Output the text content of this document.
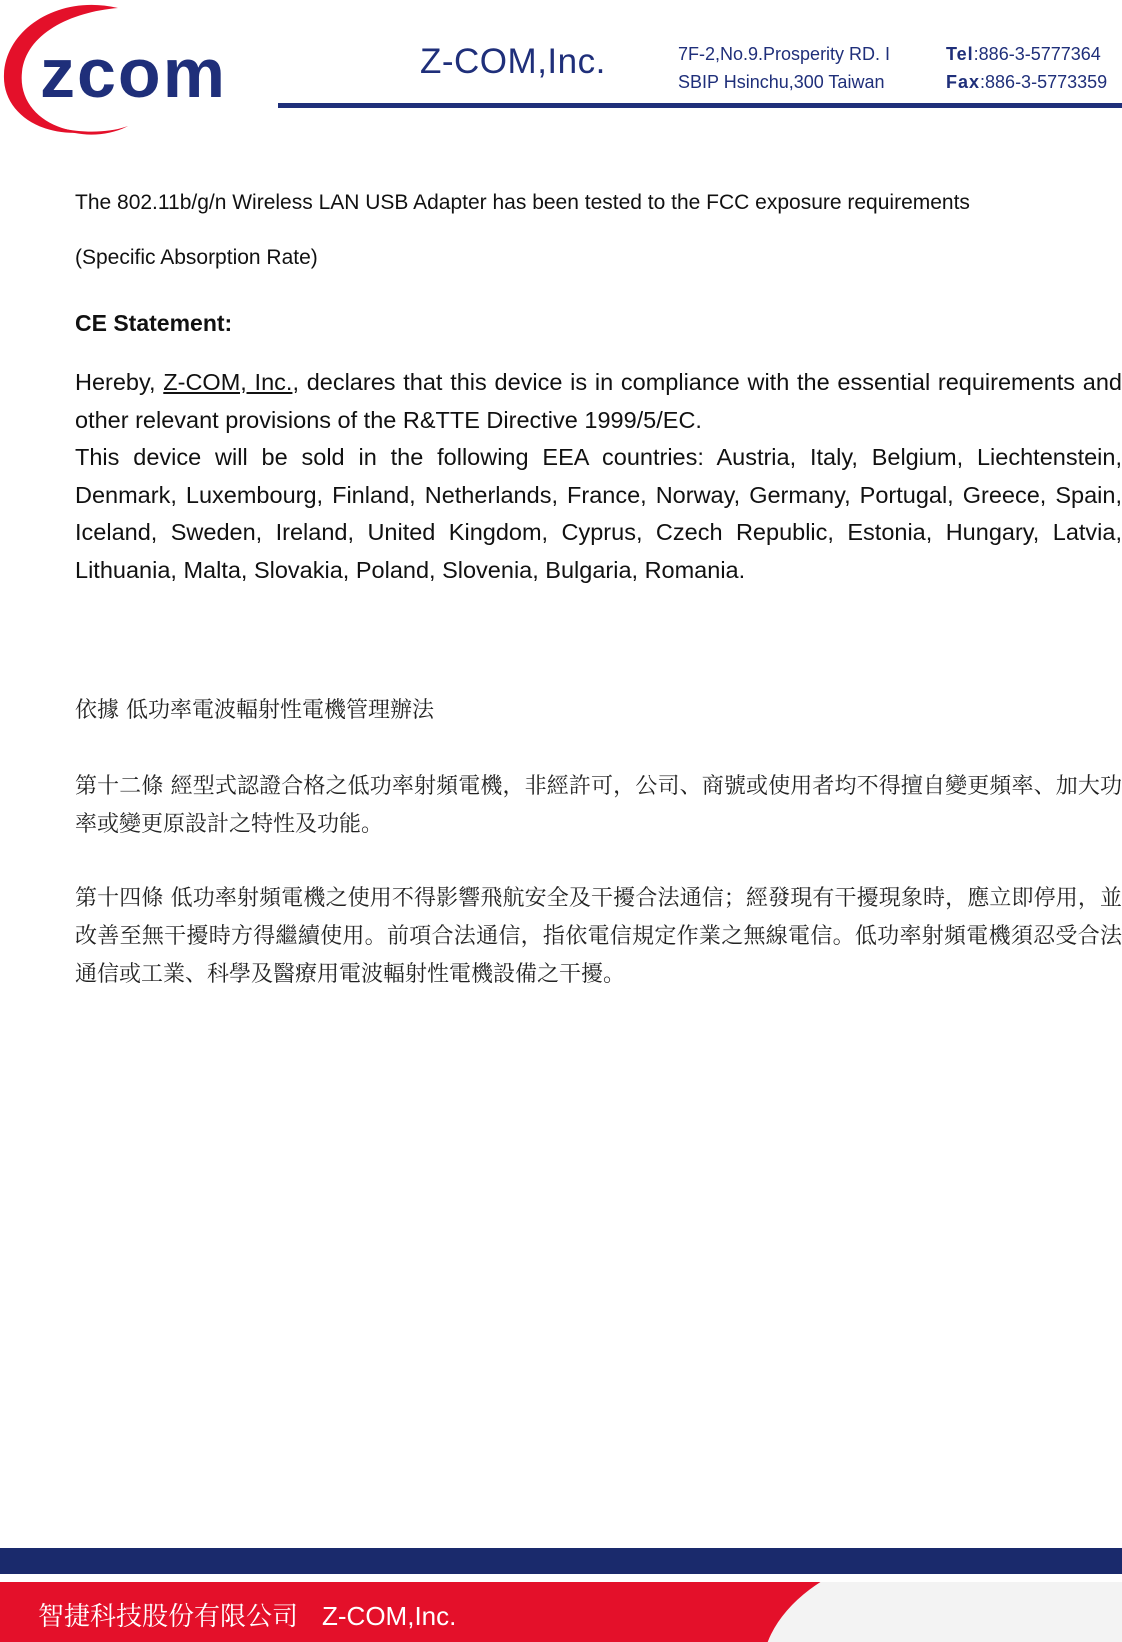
zcom	Z-COM,Inc.	7F-2,No.9.Prosperity RD. I
SBIP Hsinchu,300 Taiwan
Tel:886-3-5777364
Fax:886-3-5773359

The 802.11b/g/n Wireless LAN USB Adapter has been tested to the FCC exposure requirements

(Specific Absorption Rate)

CE Statement:

Hereby, Z-COM, Inc., declares that this device is in compliance with the essential requirements and other relevant provisions of the R&TTE Directive 1999/5/EC.

This device will be sold in the following EEA countries: Austria, Italy, Belgium, Liechtenstein, Denmark, Luxembourg, Finland, Netherlands, France, Norway, Germany, Portugal, Greece, Spain, Iceland, Sweden, Ireland, United Kingdom, Cyprus, Czech Republic, Estonia, Hungary, Latvia, Lithuania, Malta, Slovakia, Poland, Slovenia, Bulgaria, Romania.

依據 低功率電波輻射性電機管理辦法

第十二條 經型式認證合格之低功率射頻電機，非經許可，公司、商號或使用者均不得擅自變更頻率、加大功率或變更原設計之特性及功能。

第十四條 低功率射頻電機之使用不得影響飛航安全及干擾合法通信；經發現有干擾現象時，應立即停用，並改善至無干擾時方得繼續使用。前項合法通信，指依電信規定作業之無線電信。低功率射頻電機須忍受合法通信或工業、科學及醫療用電波輻射性電機設備之干擾。

智捷科技股份有限公司 Z-COM,Inc.
